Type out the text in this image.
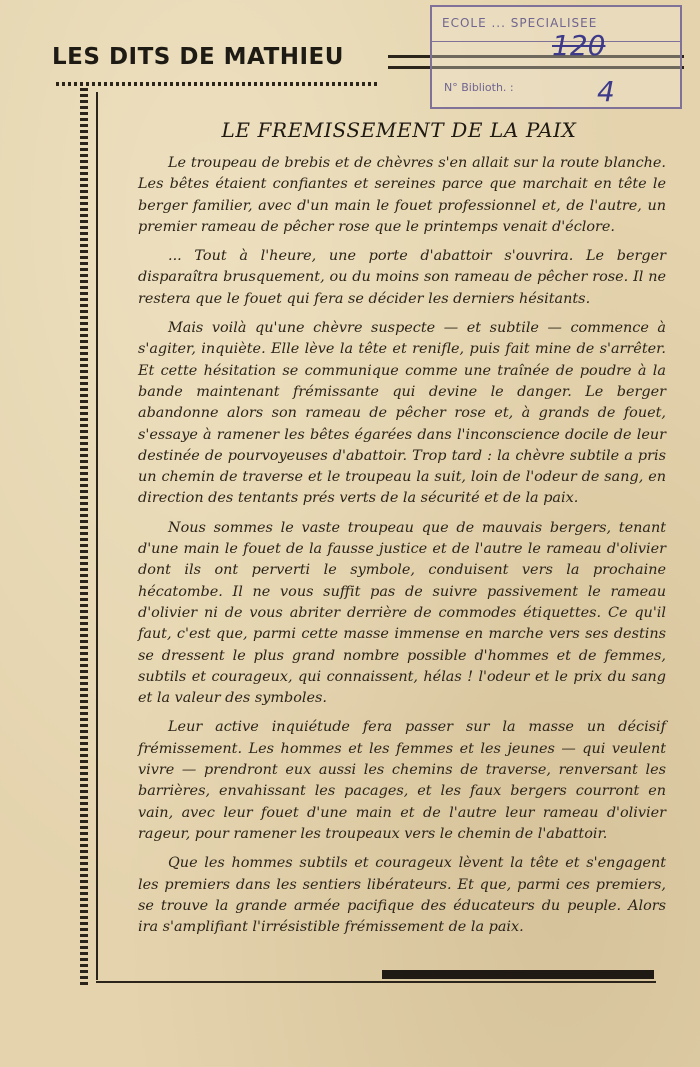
LES DITS DE MATHIEU
ECOLE ... SPECIALISEE
N° Biblioth. :
120
4
LE FREMISSEMENT DE LA PAIX

Le troupeau de brebis et de chèvres s'en allait sur la route blanche. Les bêtes étaient confiantes et sereines parce que marchait en tête le berger familier, avec d'un main le fouet professionnel et, de l'autre, un premier rameau de pêcher rose que le printemps venait d'éclore.

... Tout à l'heure, une porte d'abattoir s'ouvrira. Le berger disparaîtra brusquement, ou du moins son rameau de pêcher rose. Il ne restera que le fouet qui fera se décider les derniers hésitants.

Mais voilà qu'une chèvre suspecte — et subtile — commence à s'agiter, inquiète. Elle lève la tête et renifle, puis fait mine de s'arrêter. Et cette hésitation se communique comme une traînée de poudre à la bande maintenant frémissante qui devine le danger. Le berger abandonne alors son rameau de pêcher rose et, à grands de fouet, s'essaye à ramener les bêtes égarées dans l'inconscience docile de leur destinée de pourvoyeuses d'abattoir. Trop tard : la chèvre subtile a pris un chemin de traverse et le troupeau la suit, loin de l'odeur de sang, en direction des tentants prés verts de la sécurité et de la paix.

Nous sommes le vaste troupeau que de mauvais bergers, tenant d'une main le fouet de la fausse justice et de l'autre le rameau d'olivier dont ils ont perverti le symbole, conduisent vers la prochaine hécatombe. Il ne vous suffit pas de suivre passivement le rameau d'olivier ni de vous abriter derrière de commodes étiquettes. Ce qu'il faut, c'est que, parmi cette masse immense en marche vers ses destins se dressent le plus grand nombre possible d'hommes et de femmes, subtils et courageux, qui connaissent, hélas ! l'odeur et le prix du sang et la valeur des symboles.

Leur active inquiétude fera passer sur la masse un décisif frémissement. Les hommes et les femmes et les jeunes — qui veulent vivre — prendront eux aussi les chemins de traverse, renversant les barrières, envahissant les pacages, et les faux bergers courront en vain, avec leur fouet d'une main et de l'autre leur rameau d'olivier rageur, pour ramener les troupeaux vers le chemin de l'abattoir.

Que les hommes subtils et courageux lèvent la tête et s'engagent les premiers dans les sentiers libérateurs. Et que, parmi ces premiers, se trouve la grande armée pacifique des éducateurs du peuple. Alors ira s'amplifiant l'irrésistible frémissement de la paix.
